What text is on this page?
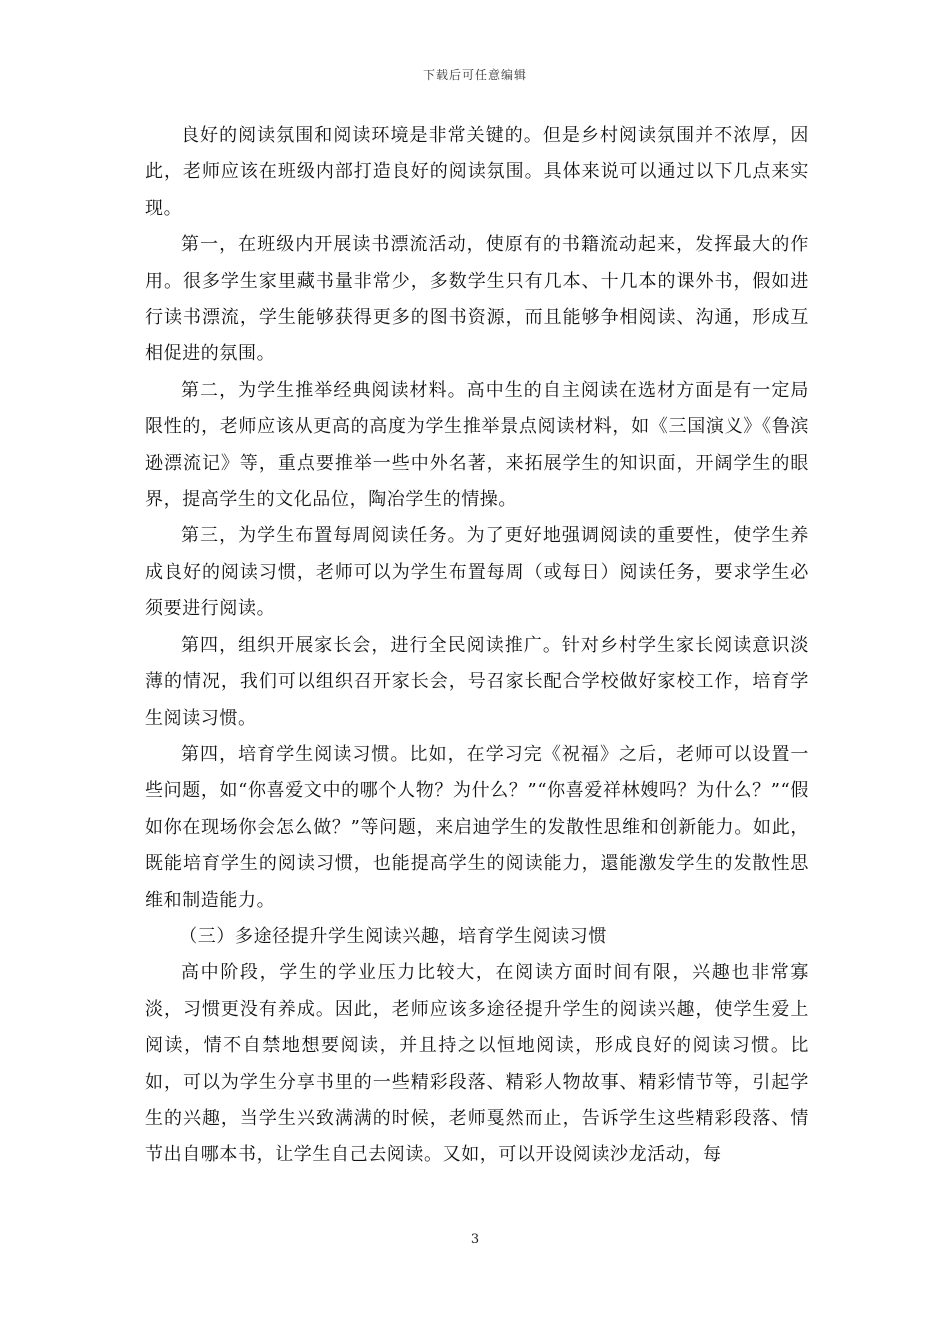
下载后可任意编辑

良好的阅读氛围和阅读环境是非常关键的。但是乡村阅读氛围并不浓厚，因此，老师应该在班级内部打造良好的阅读氛围。具体来说可以通过以下几点来实现。

第一，在班级内开展读书漂流活动，使原有的书籍流动起来，发挥最大的作用。很多学生家里藏书量非常少，多数学生只有几本、十几本的课外书，假如进行读书漂流，学生能够获得更多的图书资源，而且能够争相阅读、沟通，形成互相促进的氛围。

第二，为学生推举经典阅读材料。高中生的自主阅读在选材方面是有一定局限性的，老师应该从更高的高度为学生推举景点阅读材料，如《三国演义》《鲁滨逊漂流记》等，重点要推举一些中外名著，来拓展学生的知识面，开阔学生的眼界，提高学生的文化品位，陶冶学生的情操。

第三，为学生布置每周阅读任务。为了更好地强调阅读的重要性，使学生养成良好的阅读习惯，老师可以为学生布置每周（或每日）阅读任务，要求学生必须要进行阅读。

第四，组织开展家长会，进行全民阅读推广。针对乡村学生家长阅读意识淡薄的情况，我们可以组织召开家长会，号召家长配合学校做好家校工作，培育学生阅读习惯。

第四，培育学生阅读习惯。比如，在学习完《祝福》之后，老师可以设置一些问题，如“你喜爱文中的哪个人物？为什么？”“你喜爱祥林嫂吗？为什么？”“假如你在现场你会怎么做？”等问题，来启迪学生的发散性思维和创新能力。如此，既能培育学生的阅读习惯，也能提高学生的阅读能力，還能激发学生的发散性思维和制造能力。

（三）多途径提升学生阅读兴趣，培育学生阅读习惯

高中阶段，学生的学业压力比较大，在阅读方面时间有限，兴趣也非常寡淡，习惯更没有养成。因此，老师应该多途径提升学生的阅读兴趣，使学生爱上阅读，情不自禁地想要阅读，并且持之以恒地阅读，形成良好的阅读习惯。比如，可以为学生分享书里的一些精彩段落、精彩人物故事、精彩情节等，引起学生的兴趣，当学生兴致满满的时候，老师戛然而止，告诉学生这些精彩段落、情节出自哪本书，让学生自己去阅读。又如，可以开设阅读沙龙活动，每

3
